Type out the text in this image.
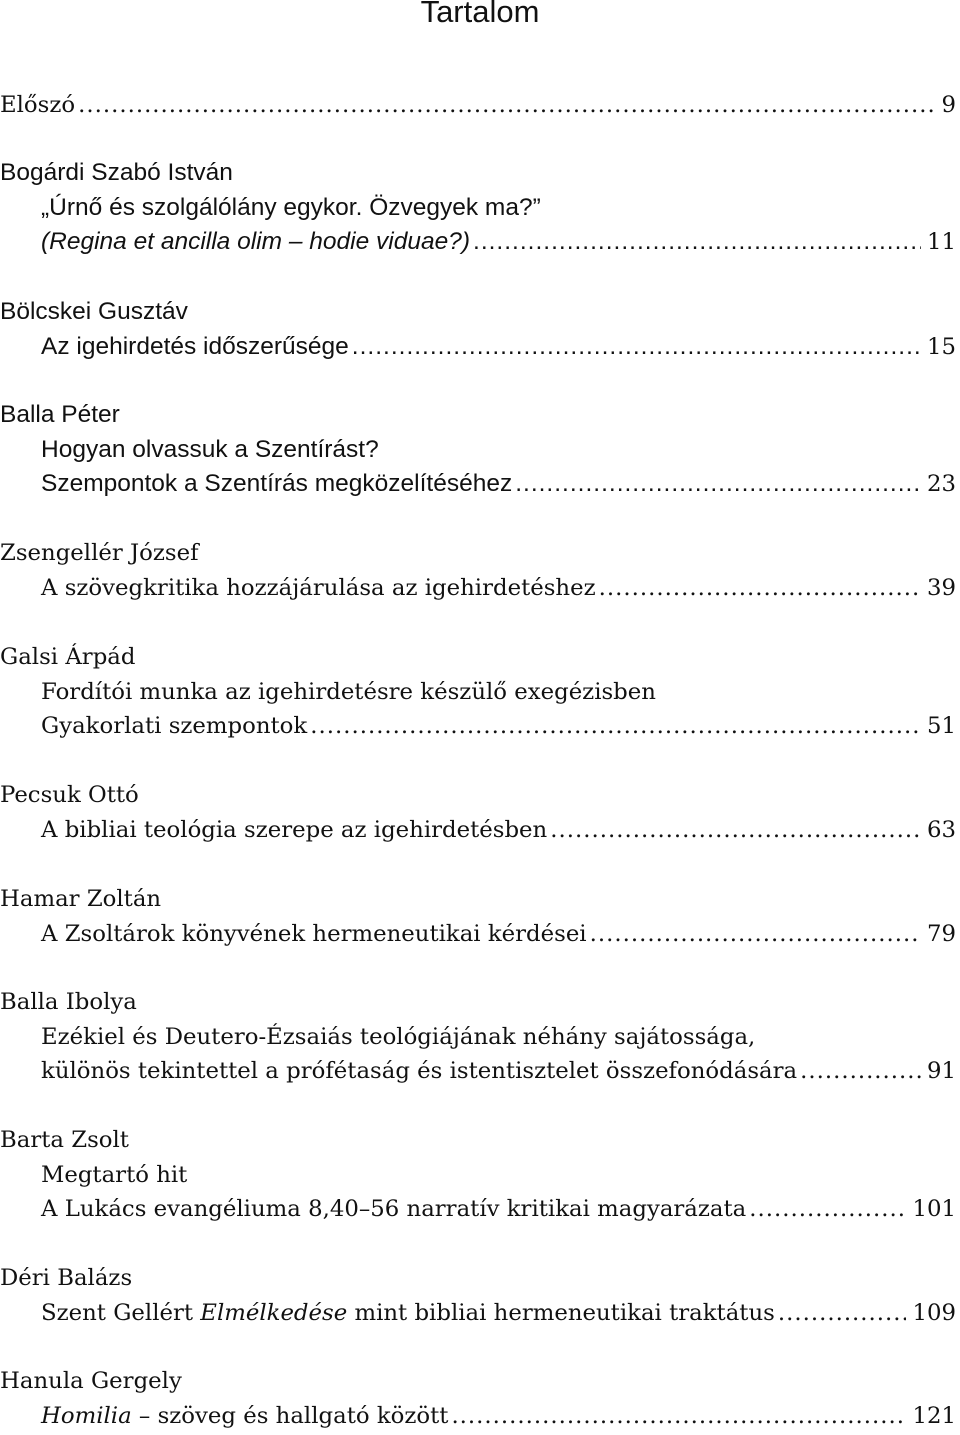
Tartalom
Előszó .....	9
Bogárdi Szabó István
„Úrnő és szolgálólány egykor. Özvegyek ma?”
(Regina et ancilla olim – hodie viduae?) .....	11
Bölcskei Gusztáv
Az igehirdetés időszerűsége .....	15
Balla Péter
Hogyan olvassuk a Szentírást?
Szempontok a Szentírás megközelítéséhez .....	23
Zsengellér József
A szövegkritika hozzájárulása az igehirdetéshez .....	39
Galsi Árpád
Fordítói munka az igehirdetésre készülő exegézisben
Gyakorlati szempontok .....	51
Pecsuk Ottó
A bibliai teológia szerepe az igehirdetésben .....	63
Hamar Zoltán
A Zsoltárok könyvének hermeneutikai kérdései .....	79
Balla Ibolya
Ezékiel és Deutero-Ézsaiás teológiájának néhány sajátossága,
különös tekintettel a prófétaság és istentisztelet összefonódására .....	91
Barta Zsolt
Megtartó hit
A Lukács evangéliuma 8,40–56 narratív kritikai magyarázata .....	101
Déri Balázs
Szent Gellért Elmélkedése mint bibliai hermeneutikai traktátus .....	109
Hanula Gergely
Homilia – szöveg és hallgató között .....	121
